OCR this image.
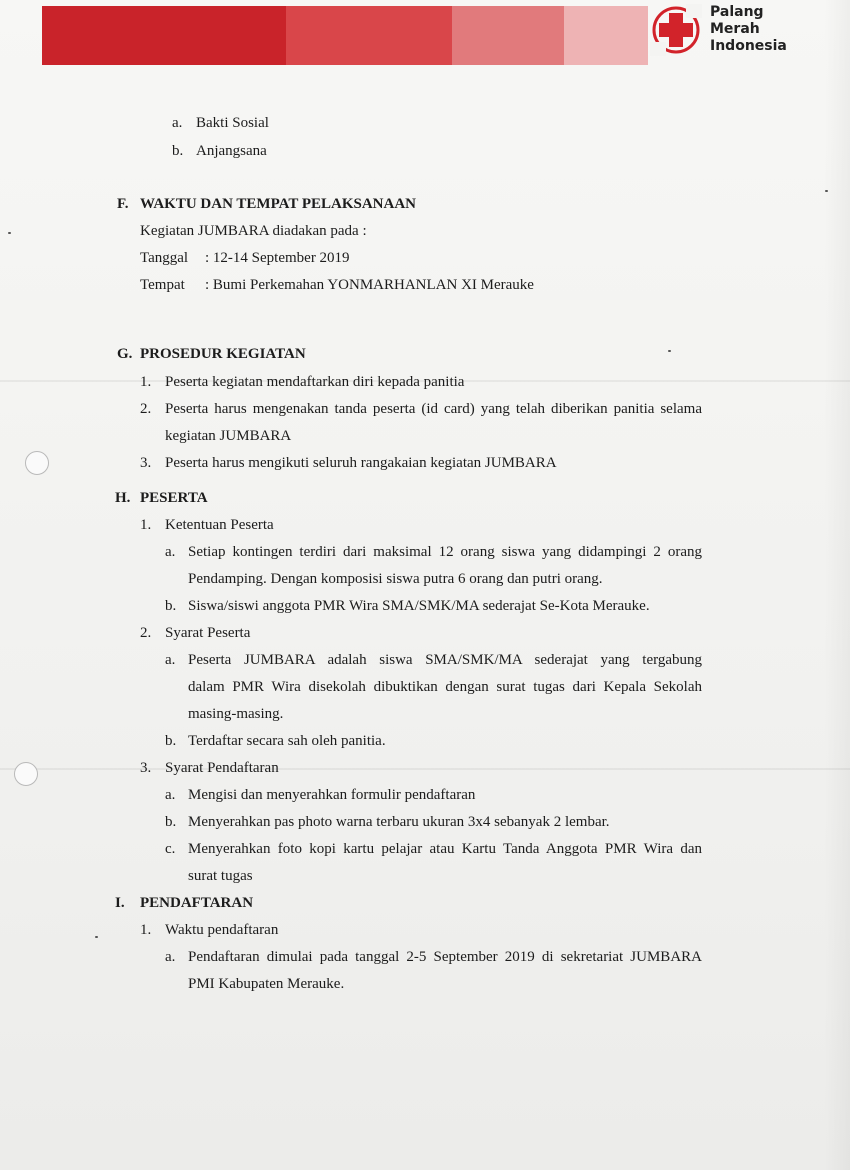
Palang
Merah
Indonesia
a. Bakti Sosial
b. Anjangsana
F. WAKTU DAN TEMPAT PELAKSANAAN
Kegiatan JUMBARA diadakan pada :
Tanggal : 12-14 September 2019
Tempat : Bumi Perkemahan YONMARHANLAN XI Merauke
G. PROSEDUR KEGIATAN
1. Peserta kegiatan mendaftarkan diri kepada panitia
2. Peserta harus mengenakan tanda peserta (id card) yang telah diberikan panitia selama
kegiatan JUMBARA
3. Peserta harus mengikuti seluruh rangakaian kegiatan JUMBARA
H. PESERTA
1. Ketentuan Peserta
a. Setiap kontingen terdiri dari maksimal 12 orang siswa yang didampingi 2 orang
Pendamping. Dengan komposisi siswa putra 6 orang dan putri orang.
b. Siswa/siswi anggota PMR Wira SMA/SMK/MA sederajat Se-Kota Merauke.
2. Syarat Peserta
a. Peserta JUMBARA adalah siswa SMA/SMK/MA sederajat yang tergabung
dalam PMR Wira disekolah dibuktikan dengan surat tugas dari Kepala Sekolah
masing-masing.
b. Terdaftar secara sah oleh panitia.
3. Syarat Pendaftaran
a. Mengisi dan menyerahkan formulir pendaftaran
b. Menyerahkan pas photo warna terbaru ukuran 3x4 sebanyak 2 lembar.
c. Menyerahkan foto kopi kartu pelajar atau Kartu Tanda Anggota PMR Wira dan
surat tugas
I. PENDAFTARAN
1. Waktu pendaftaran
a. Pendaftaran dimulai pada tanggal 2-5 September 2019 di sekretariat JUMBARA
PMI Kabupaten Merauke.
